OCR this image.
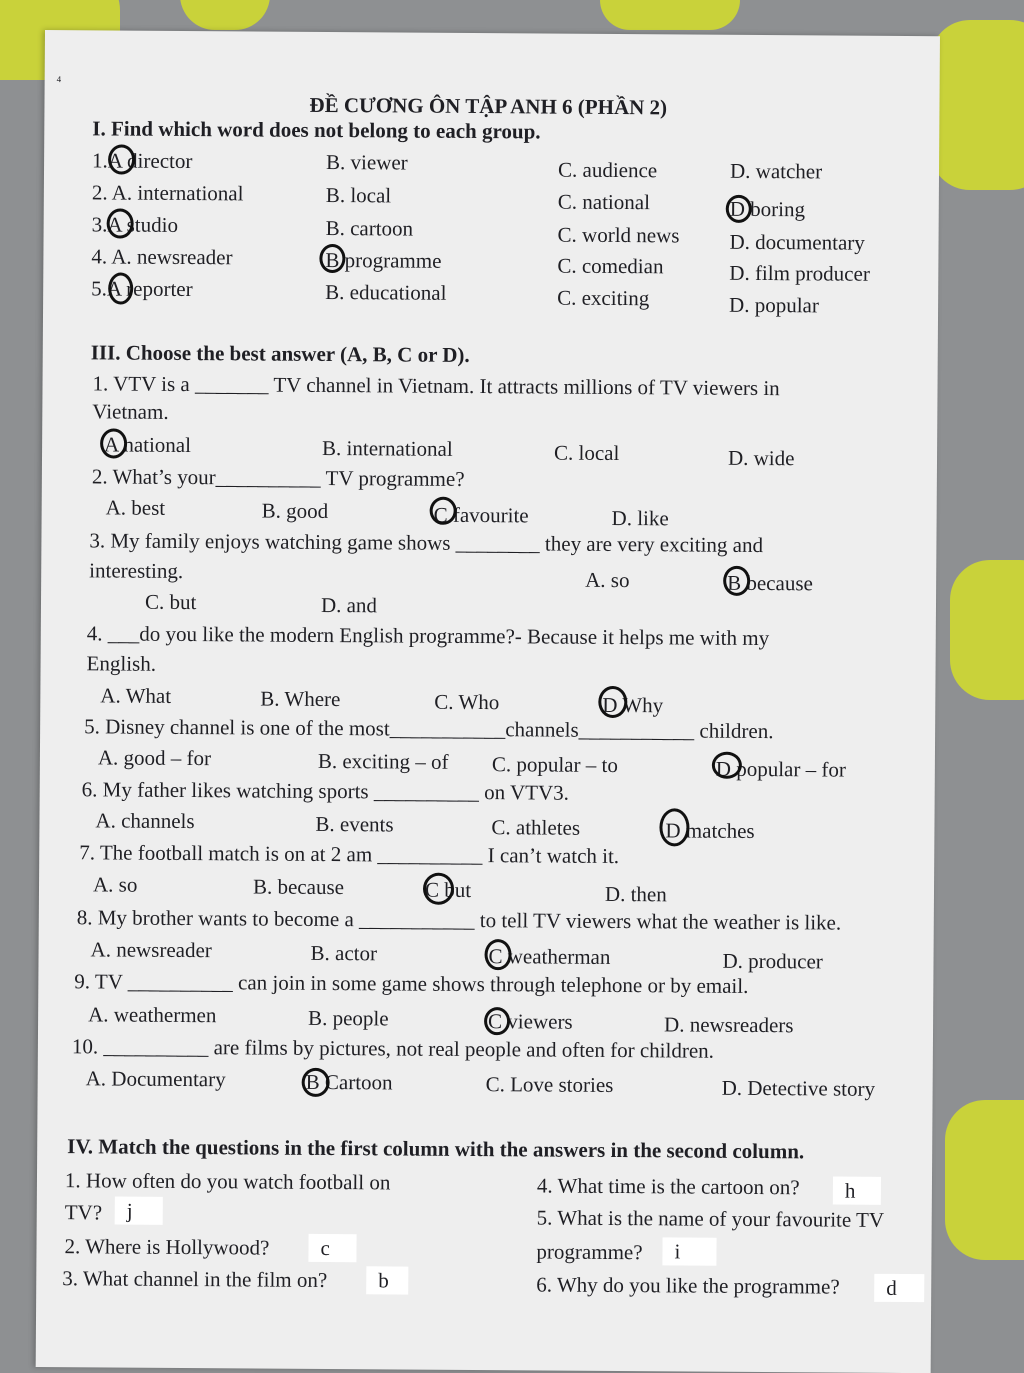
4
ĐỀ CƯƠNG ÔN TẬP ANH 6 (PHẦN 2)
I. Find which word does not belong to each group.
1.A director	B. viewer	C. audience	D. watcher
2. A. international	B. local	C. national	D boring
3.A studio	B. cartoon	C. world news D. documentary
4. A. newsreader	B programme	C. comedian	D. film producer
5.A reporter	B. educational	C. exciting	D. popular
III. Choose the best answer (A, B, C or D).
1. VTV is a _______ TV channel in Vietnam. It attracts millions of TV viewers in
Vietnam.
A national	B. international	C. local	D. wide
2. What’s your__________ TV programme?
A. best	B. good	C favourite	D. like
3. My family enjoys watching game shows ________ they are very exciting and
interesting.	A. so	B because
C. but	D. and
4. ___do you like the modern English programme?- Because it helps me with my
English.
A. What	B. Where	C. Who	D Why
5. Disney channel is one of the most___________channels___________ children.
A. good – for	B. exciting – of C. popular – to	D popular – for
6. My father likes watching sports __________ on VTV3.
A. channels	B. events	C. athletes	D matches
7. The football match is on at 2 am __________ I can’t watch it.
A. so	B. because	C but	D. then
8. My brother wants to become a ___________ to tell TV viewers what the weather is like.
A. newsreader	B. actor	C weatherman	D. producer
9. TV __________ can join in some game shows through telephone or by email.
A. weathermen	B. people	C viewers	D. newsreaders
10. __________ are films by pictures, not real people and often for children.
A. Documentary	B Cartoon	C. Love stories	D. Detective story
IV. Match the questions in the first column with the answers in the second column.
1. How often do you watch football on
TV?	j
2. Where is Hollywood?	c
3. What channel in the film on?	b
4. What time is the cartoon on?	h
5. What is the name of your favourite TV
programme?	i
6. Why do you like the programme?	d
